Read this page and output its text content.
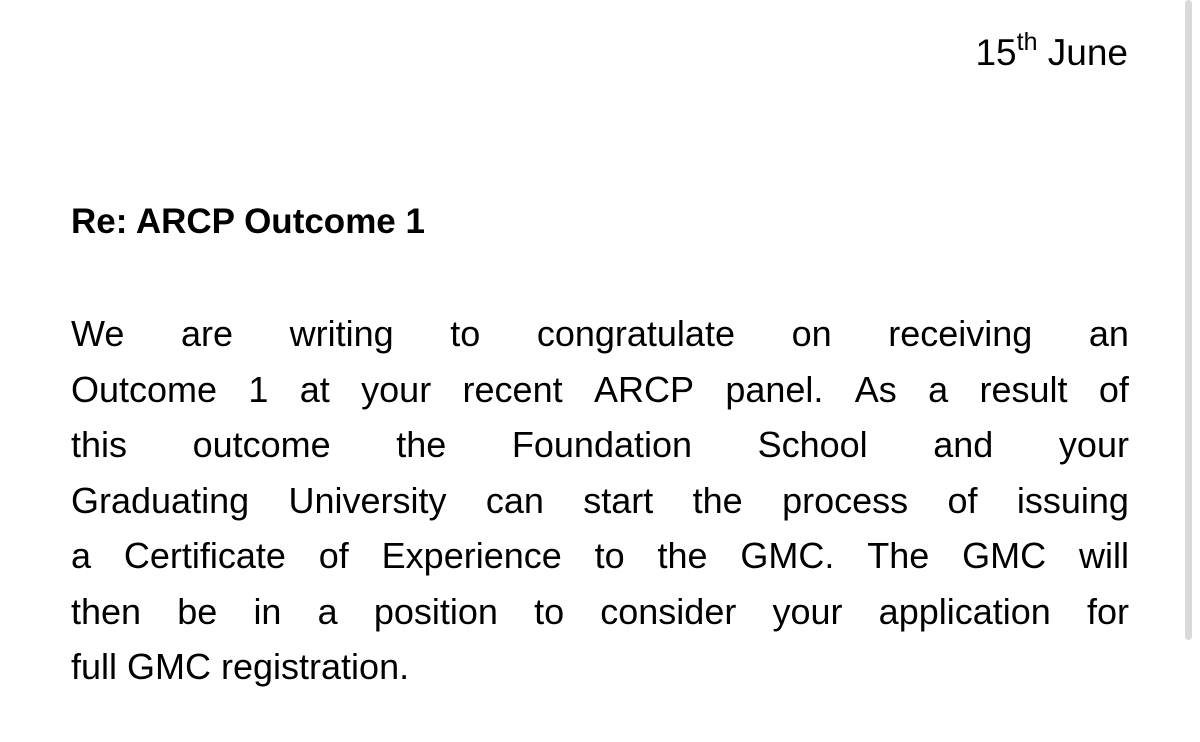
15th June
Re: ARCP Outcome 1
We are writing to congratulate on receiving an
Outcome 1 at your recent ARCP panel. As a result of
this outcome the Foundation School and your
Graduating University can start the process of issuing
a Certificate of Experience to the GMC. The GMC will
then be in a position to consider your application for
full GMC registration.
